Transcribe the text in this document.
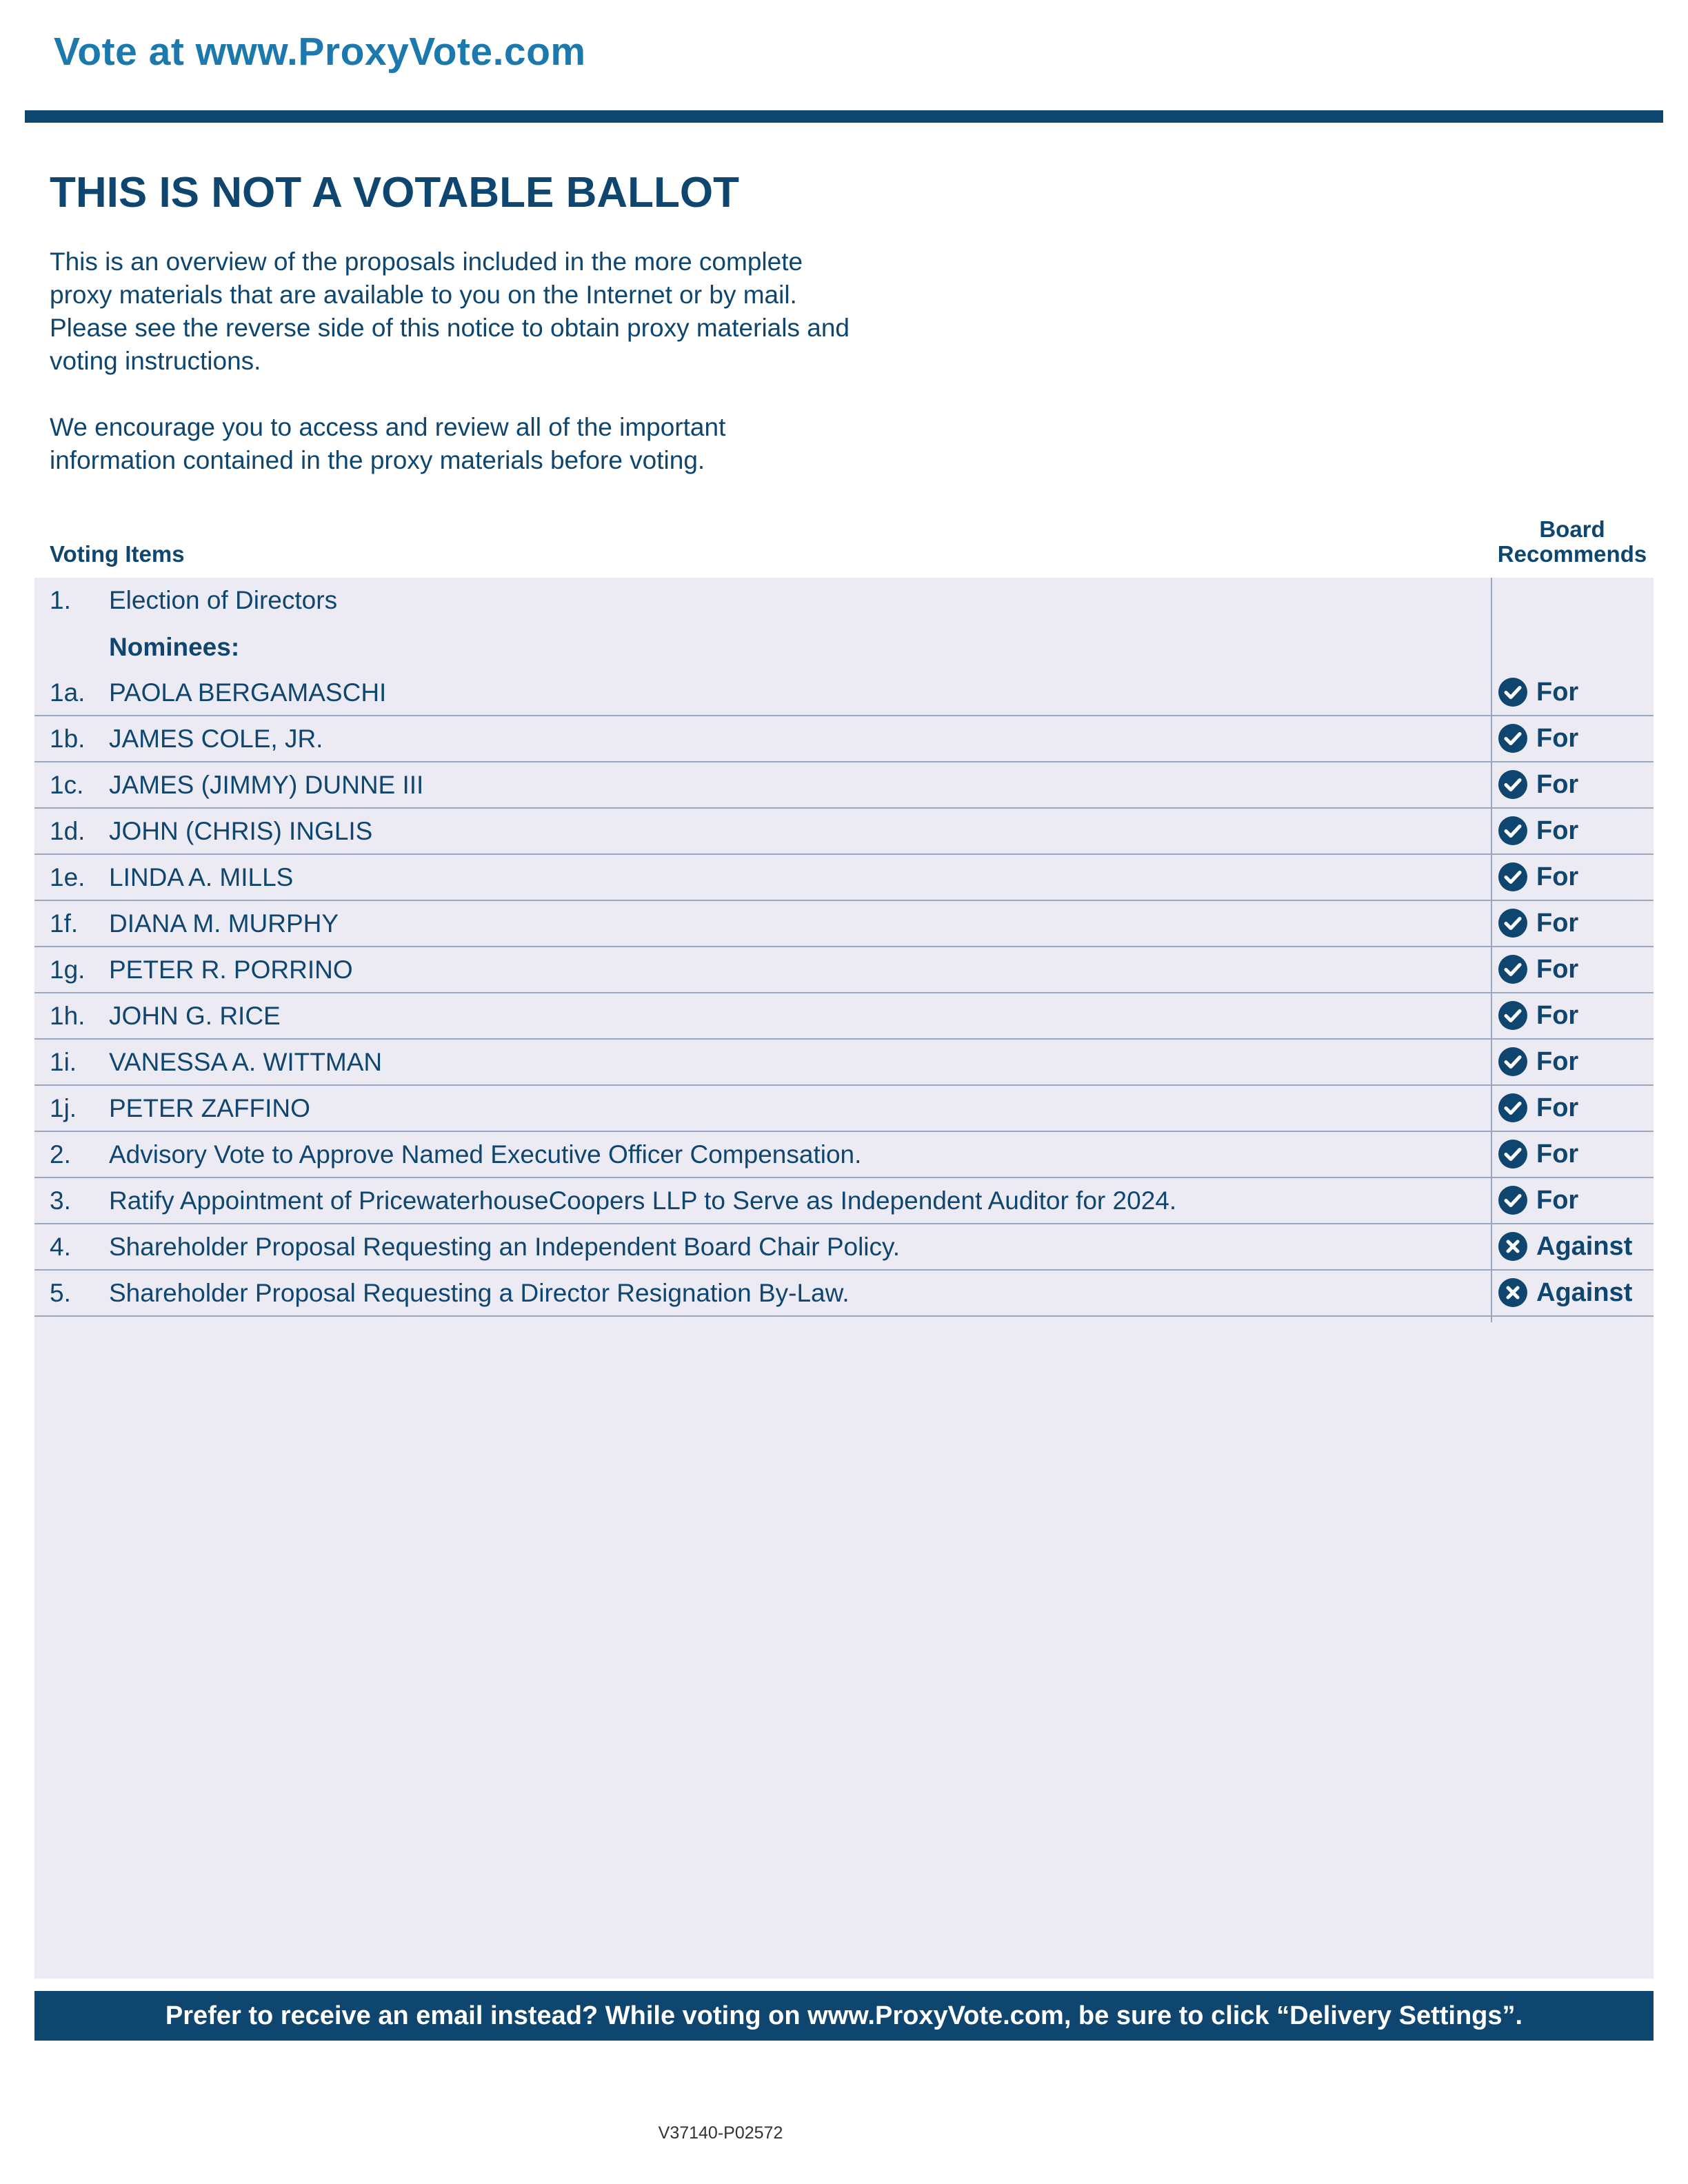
Vote at www.ProxyVote.com
THIS IS NOT A VOTABLE BALLOT

This is an overview of the proposals included in the more complete proxy materials that are available to you on the Internet or by mail. Please see the reverse side of this notice to obtain proxy materials and voting instructions.

We encourage you to access and review all of the important information contained in the proxy materials before voting.

Voting Items
Board
Recommends
1. Election of Directors
Nominees:
1a. PAOLA BERGAMASCHI	For
1b. JAMES COLE, JR.	For
1c. JAMES (JIMMY) DUNNE III	For
1d. JOHN (CHRIS) INGLIS	For
1e. LINDA A. MILLS	For
1f. DIANA M. MURPHY	For
1g. PETER R. PORRINO	For
1h. JOHN G. RICE	For
1i. VANESSA A. WITTMAN	For
1j. PETER ZAFFINO	For
2. Advisory Vote to Approve Named Executive Officer Compensation.	For
3. Ratify Appointment of PricewaterhouseCoopers LLP to Serve as Independent Auditor for 2024.	For
4. Shareholder Proposal Requesting an Independent Board Chair Policy.	Against
5. Shareholder Proposal Requesting a Director Resignation By-Law.	Against
Prefer to receive an email instead? While voting on www.ProxyVote.com, be sure to click “Delivery Settings”.
V37140-P02572
